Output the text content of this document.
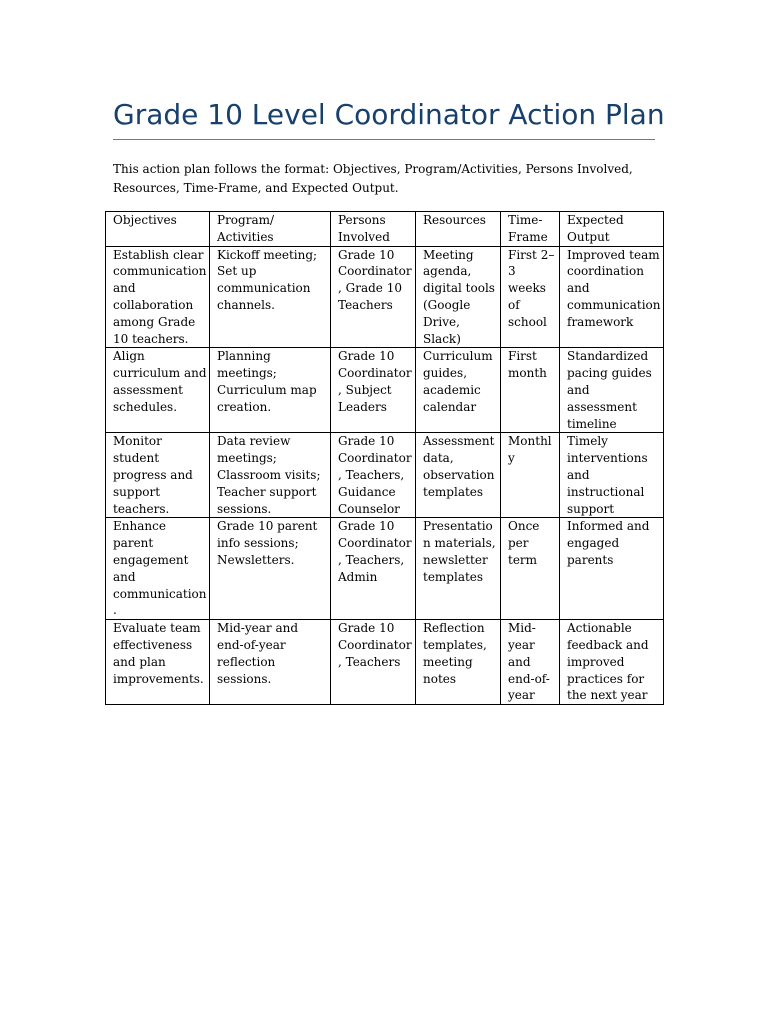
Grade 10 Level Coordinator Action Plan

This action plan follows the format: Objectives, Program/Activities, Persons Involved, Resources, Time-Frame, and Expected Output.

Objectives	Program/ Activities	Persons Involved	Resources	Time-Frame	Expected Output
Establish clear communication and collaboration among Grade 10 teachers.	Kickoff meeting; Set up communication channels.	Grade 10 Coordinator, Grade 10 Teachers	Meeting agenda, digital tools (Google Drive, Slack)	First 2–3 weeks of school	Improved team coordination and communication framework
Align curriculum and assessment schedules.	Planning meetings; Curriculum map creation.	Grade 10 Coordinator, Subject Leaders	Curriculum guides, academic calendar	First month	Standardized pacing guides and assessment timeline
Monitor student progress and support teachers.	Data review meetings; Classroom visits; Teacher support sessions.	Grade 10 Coordinator, Teachers, Guidance Counselor	Assessment data, observation templates	Monthly	Timely interventions and instructional support
Enhance parent engagement and communication.	Grade 10 parent info sessions; Newsletters.	Grade 10 Coordinator, Teachers, Admin	Presentation materials, newsletter templates	Once per term	Informed and engaged parents
Evaluate team effectiveness and plan improvements.	Mid-year and end-of-year reflection sessions.	Grade 10 Coordinator, Teachers	Reflection templates, meeting notes	Mid-year and end-of-year	Actionable feedback and improved practices for the next year
